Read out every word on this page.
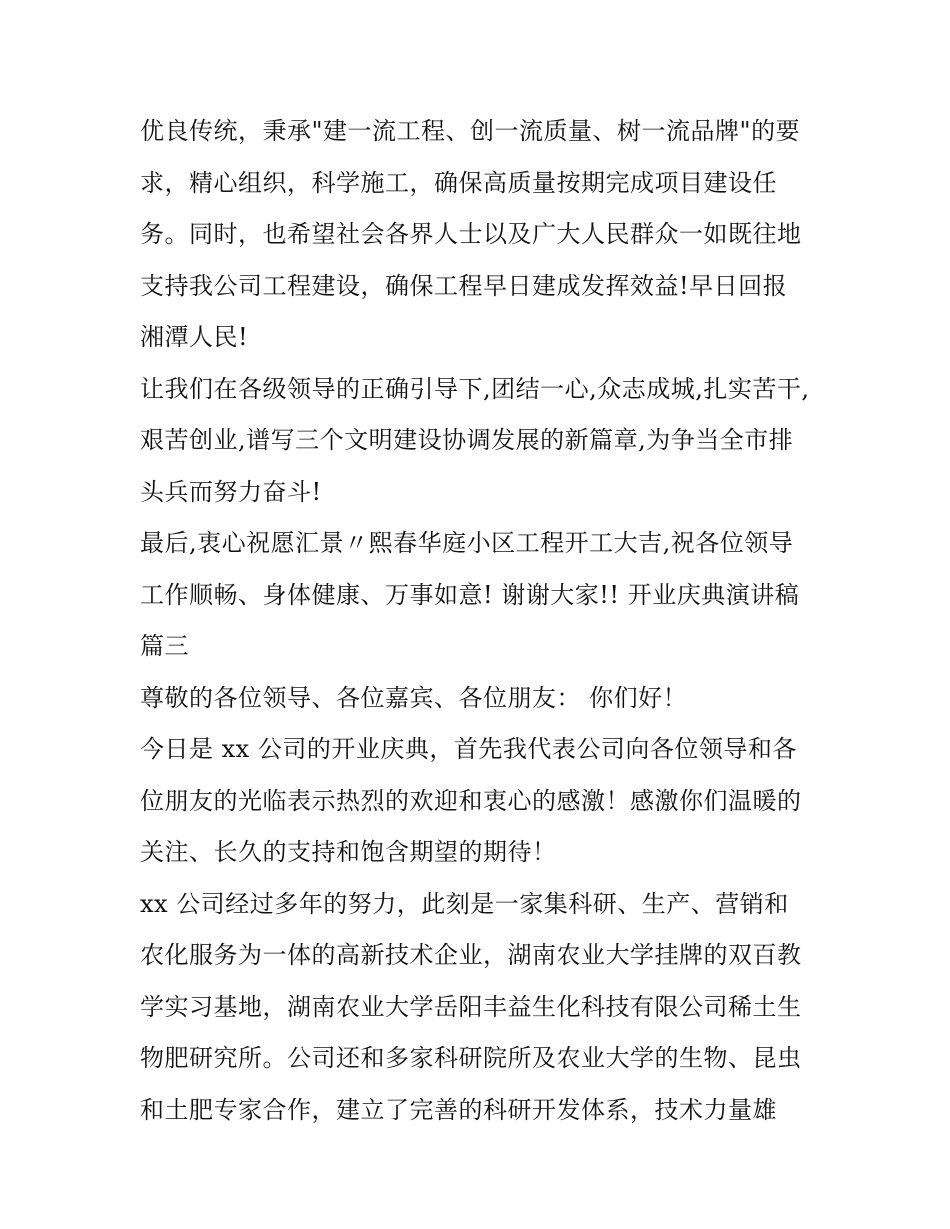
优良传统，秉承"建一流工程、创一流质量、树一流品牌"的要
求，精心组织，科学施工，确保高质量按期完成项目建设任
务。同时，也希望社会各界人士以及广大人民群众一如既往地
支持我公司工程建设，确保工程早日建成发挥效益!早日回报
湘潭人民!
让我们在各级领导的正确引导下,团结一心,众志成城,扎实苦干,
艰苦创业,谱写三个文明建设协调发展的新篇章,为争当全市排
头兵而努力奋斗!
最后,衷心祝愿汇景〃熙春华庭小区工程开工大吉,祝各位领导
工作顺畅、身体健康、万事如意! 谢谢大家!! 开业庆典演讲稿
篇三
尊敬的各位领导、各位嘉宾、各位朋友： 你们好！
今日是 xx 公司的开业庆典，首先我代表公司向各位领导和各
位朋友的光临表示热烈的欢迎和衷心的感激！感激你们温暖的
关注、长久的支持和饱含期望的期待！
xx 公司经过多年的努力，此刻是一家集科研、生产、营销和
农化服务为一体的高新技术企业，湖南农业大学挂牌的双百教
学实习基地，湖南农业大学岳阳丰益生化科技有限公司稀土生
物肥研究所。公司还和多家科研院所及农业大学的生物、昆虫
和土肥专家合作，建立了完善的科研开发体系，技术力量雄
